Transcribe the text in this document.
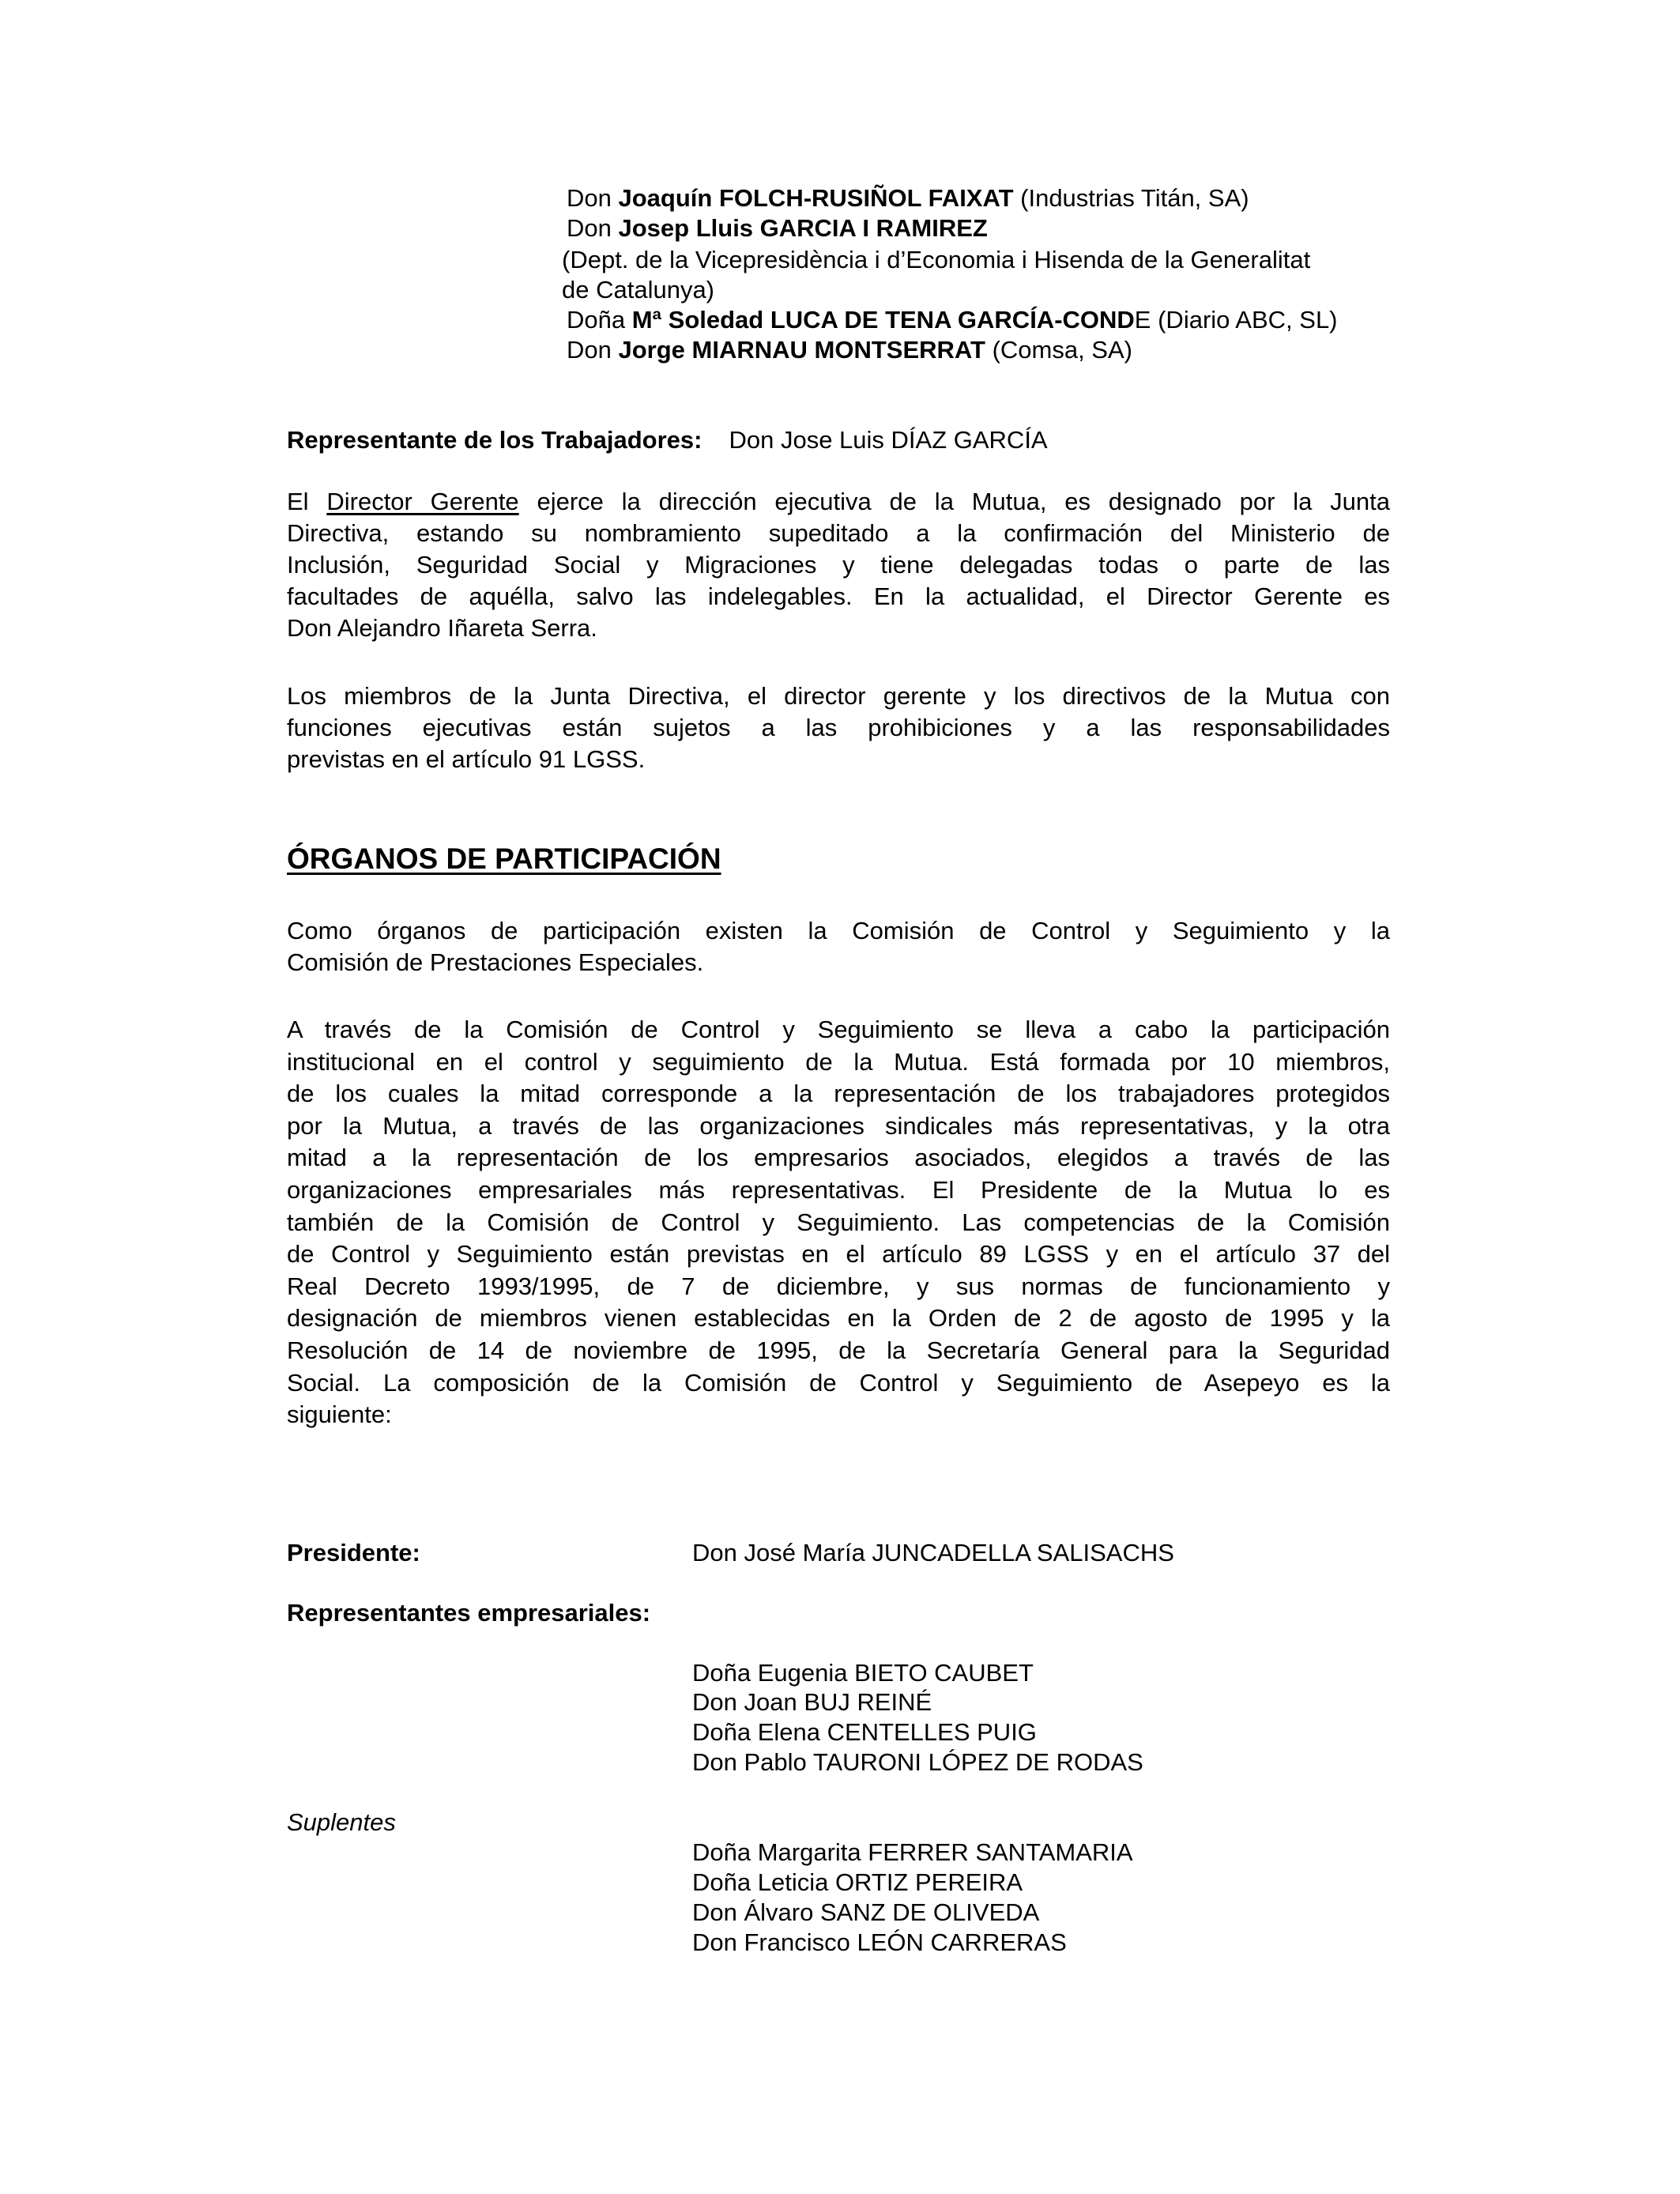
Don Joaquín FOLCH-RUSIÑOL FAIXAT (Industrias Titán, SA)
Don Josep Lluis GARCIA I RAMIREZ
(Dept. de la Vicepresidència i d’Economia i Hisenda de la Generalitat
de Catalunya)
Doña Mª Soledad LUCA DE TENA GARCÍA-CONDE (Diario ABC, SL)
Don Jorge MIARNAU MONTSERRAT (Comsa, SA)
Representante de los Trabajadores: Don Jose Luis DÍAZ GARCÍA
El Director Gerente ejerce la dirección ejecutiva de la Mutua, es designado por la Junta
Directiva, estando su nombramiento supeditado a la confirmación del Ministerio de
Inclusión, Seguridad Social y Migraciones y tiene delegadas todas o parte de las
facultades de aquélla, salvo las indelegables. En la actualidad, el Director Gerente es
Don Alejandro Iñareta Serra.
Los miembros de la Junta Directiva, el director gerente y los directivos de la Mutua con
funciones ejecutivas están sujetos a las prohibiciones y a las responsabilidades
previstas en el artículo 91 LGSS.
ÓRGANOS DE PARTICIPACIÓN
Como órganos de participación existen la Comisión de Control y Seguimiento y la
Comisión de Prestaciones Especiales.
A través de la Comisión de Control y Seguimiento se lleva a cabo la participación
institucional en el control y seguimiento de la Mutua. Está formada por 10 miembros,
de los cuales la mitad corresponde a la representación de los trabajadores protegidos
por la Mutua, a través de las organizaciones sindicales más representativas, y la otra
mitad a la representación de los empresarios asociados, elegidos a través de las
organizaciones empresariales más representativas. El Presidente de la Mutua lo es
también de la Comisión de Control y Seguimiento. Las competencias de la Comisión
de Control y Seguimiento están previstas en el artículo 89 LGSS y en el artículo 37 del
Real Decreto 1993/1995, de 7 de diciembre, y sus normas de funcionamiento y
designación de miembros vienen establecidas en la Orden de 2 de agosto de 1995 y la
Resolución de 14 de noviembre de 1995, de la Secretaría General para la Seguridad
Social. La composición de la Comisión de Control y Seguimiento de Asepeyo es la
siguiente:
Presidente:	Don José María JUNCADELLA SALISACHS
Representantes empresariales:
Doña Eugenia BIETO CAUBET
Don Joan BUJ REINÉ
Doña Elena CENTELLES PUIG
Don Pablo TAURONI LÓPEZ DE RODAS
Suplentes
Doña Margarita FERRER SANTAMARIA
Doña Leticia ORTIZ PEREIRA
Don Álvaro SANZ DE OLIVEDA
Don Francisco LEÓN CARRERAS
